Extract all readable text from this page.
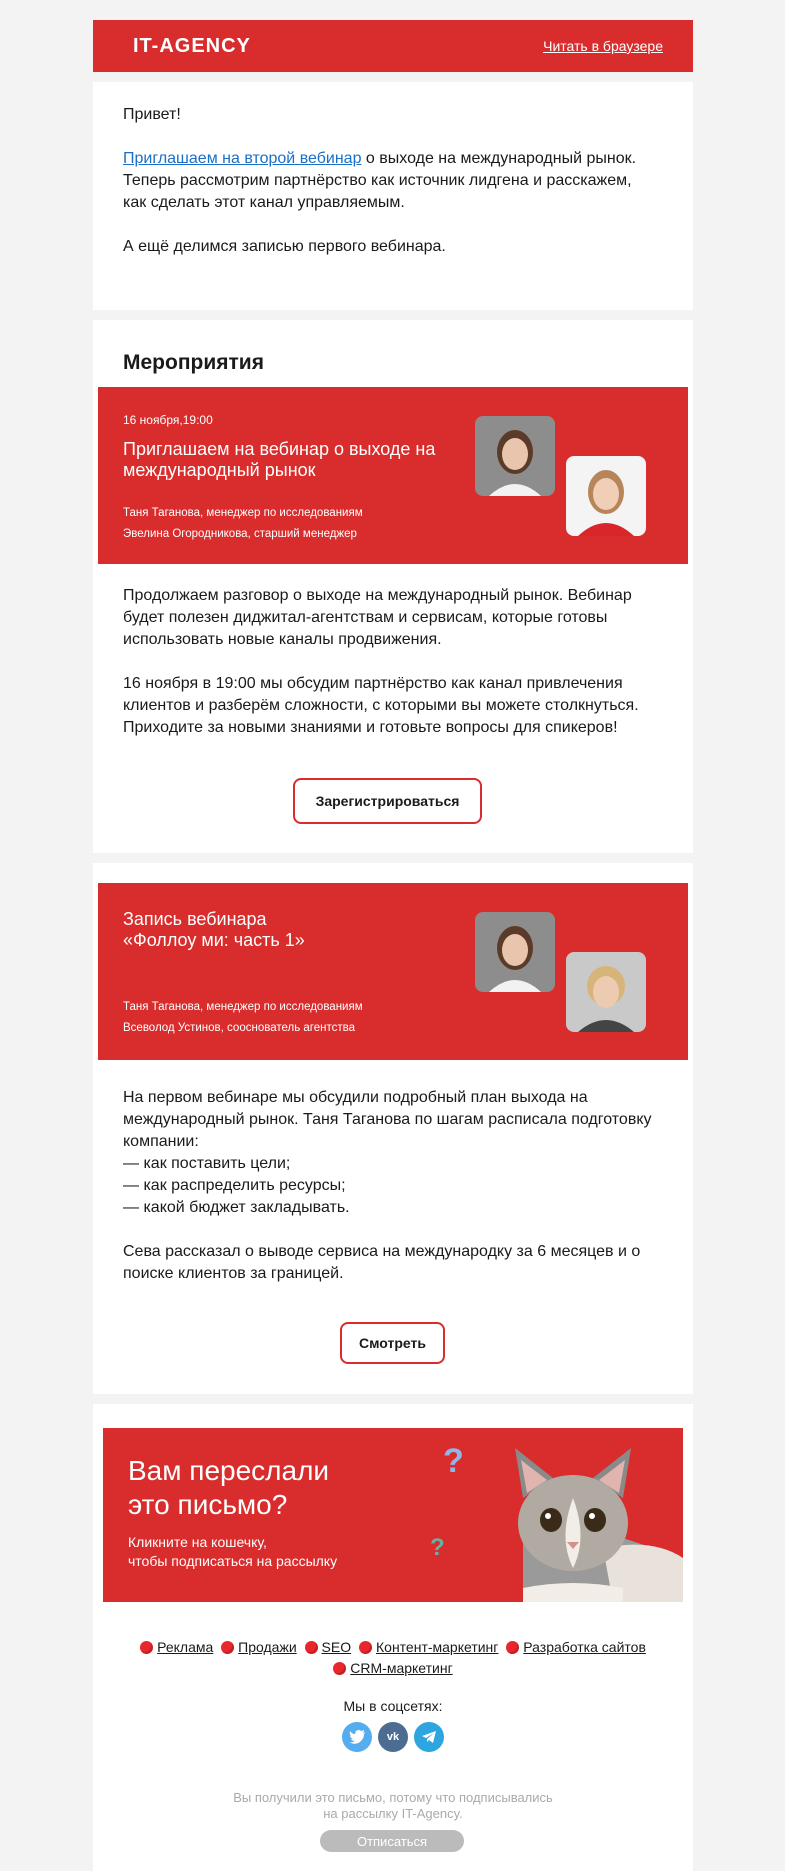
IT-AGENCY	Читать в браузере

Привет!

Приглашаем на второй вебинар о выходе на международный рынок.
Теперь рассмотрим партнёрство как источник лидгена и расскажем,
как сделать этот канал управляемым.

А ещё делимся записью первого вебинара.

Мероприятия
16 ноября,19:00
Приглашаем на вебинар о выходе на международный рынок
Таня Таганова, менеджер по исследованиям
Эвелина Огородникова, старший менеджер

Продолжаем разговор о выходе на международный рынок. Вебинар будет полезен диджитал-агентствам и сервисам, которые готовы использовать новые каналы продвижения.

16 ноября в 19:00 мы обсудим партнёрство как канал привлечения клиентов и разберём сложности, с которыми вы можете столкнуться. Приходите за новыми знаниями и готовьте вопросы для спикеров!

Зарегистрироваться
Запись вебинара «Фоллоу ми: часть 1»
Таня Таганова, менеджер по исследованиям
Всеволод Устинов, сооснователь агентства

На первом вебинаре мы обсудили подробный план выхода на международный рынок. Таня Таганова по шагам расписала подготовку компании:
— как поставить цели;
— как распределить ресурсы;
— какой бюджет закладывать.

Сева рассказал о выводе сервиса на международку за 6 месяцев и о поиске клиентов за границей.

Смотреть
Вам переслали
это письмо?
Кликните на кошечку,
чтобы подписаться на рассылку
?
?
Реклама Продажи SEO Контент-маркетинг Разработка сайтов
CRM-маркетинг
Мы в соцсетях:
vk
Вы получили это письмо, потому что подписывались
на рассылку IT-Agency.
Отписаться
